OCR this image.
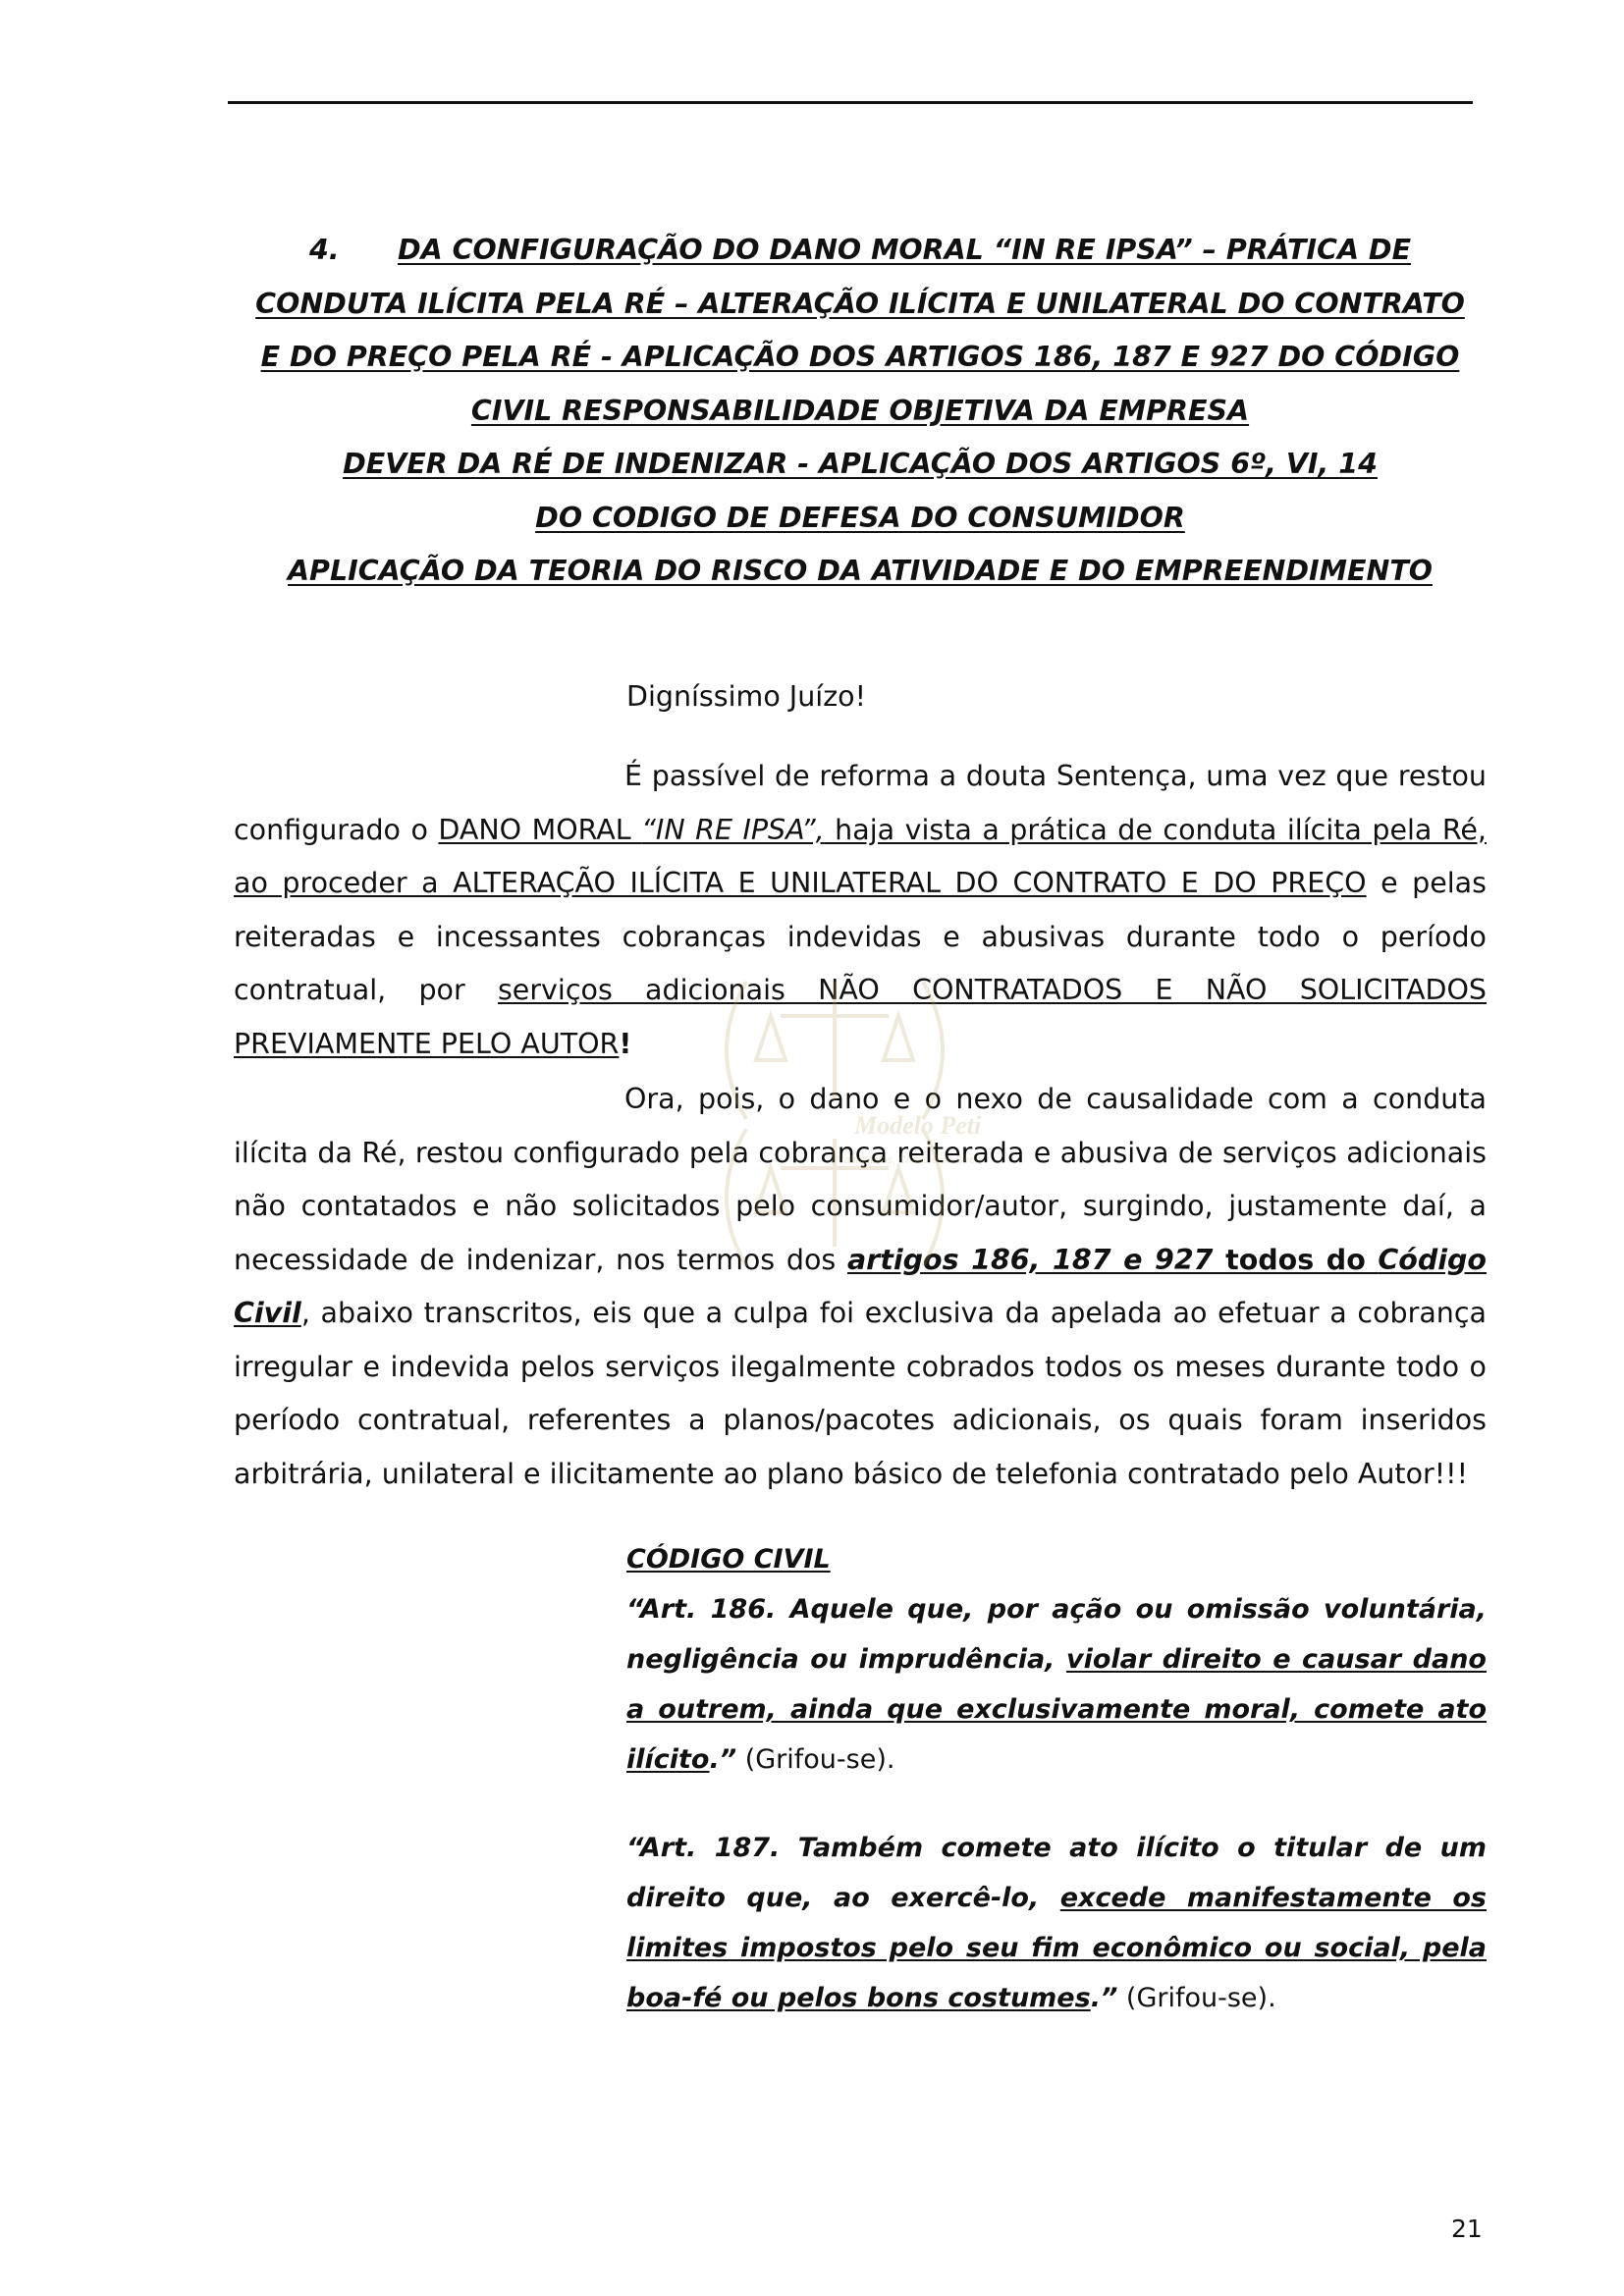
4. DA CONFIGURAÇÃO DO DANO MORAL “IN RE IPSA” – PRÁTICA DE
CONDUTA ILÍCITA PELA RÉ – ALTERAÇÃO ILÍCITA E UNILATERAL DO CONTRATO
E DO PREÇO PELA RÉ - APLICAÇÃO DOS ARTIGOS 186, 187 E 927 DO CÓDIGO
CIVIL RESPONSABILIDADE OBJETIVA DA EMPRESA
DEVER DA RÉ DE INDENIZAR - APLICAÇÃO DOS ARTIGOS 6º, VI, 14
DO CODIGO DE DEFESA DO CONSUMIDOR
APLICAÇÃO DA TEORIA DO RISCO DA ATIVIDADE E DO EMPREENDIMENTO
Digníssimo Juízo!

É passível de reforma a douta Sentença, uma vez que restou configurado o DANO MORAL “IN RE IPSA”, haja vista a prática de conduta ilícita pela Ré, ao proceder a ALTERAÇÃO ILÍCITA E UNILATERAL DO CONTRATO E DO PREÇO e pelas reiteradas e incessantes cobranças indevidas e abusivas durante todo o período contratual, por serviços adicionais NÃO CONTRATADOS E NÃO SOLICITADOS PREVIAMENTE PELO AUTOR!

Ora, pois, o dano e o nexo de causalidade com a conduta ilícita da Ré, restou configurado pela cobrança reiterada e abusiva de serviços adicionais não contatados e não solicitados pelo consumidor/autor, surgindo, justamente daí, a necessidade de indenizar, nos termos dos artigos 186, 187 e 927 todos do Código Civil, abaixo transcritos, eis que a culpa foi exclusiva da apelada ao efetuar a cobrança irregular e indevida pelos serviços ilegalmente cobrados todos os meses durante todo o período contratual, referentes a planos/pacotes adicionais, os quais foram inseridos arbitrária, unilateral e ilicitamente ao plano básico de telefonia contratado pelo Autor!!!

CÓDIGO CIVIL
“Art. 186. Aquele que, por ação ou omissão voluntária, negligência ou imprudência, violar direito e causar dano a outrem, ainda que exclusivamente moral, comete ato ilícito.” (Grifou-se).
“Art. 187. Também comete ato ilícito o titular de um direito que, ao exercê-lo, excede manifestamente os limites impostos pelo seu fim econômico ou social, pela boa-fé ou pelos bons costumes.” (Grifou-se).
Modelo Peti
Trabalhistas, Cíveis e do Direit
21
